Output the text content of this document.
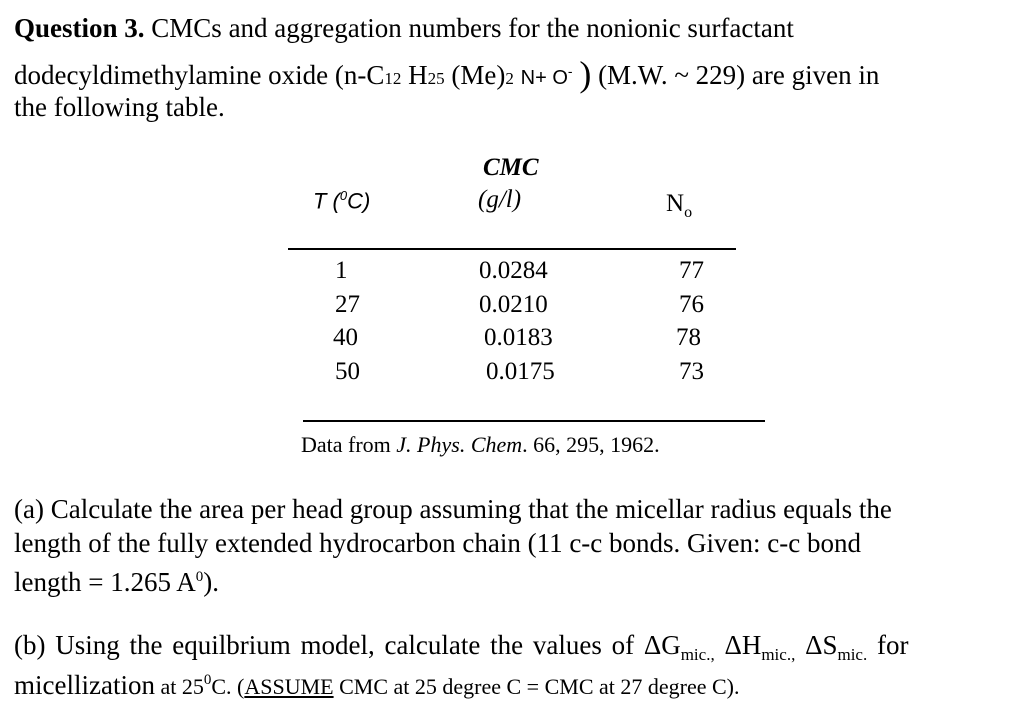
Question 3. CMCs and aggregation numbers for the nonionic surfactant
dodecyldimethylamine oxide (n-C12 H25 (Me)2 N+ O- ) (M.W. ~ 229) are given in
the following table.
CMC
T ($^0$C)	(g/l)	$N_o$
1	0.0284	77
27	0.0210	76
40	0.0183	78
50	0.0175	73
Data from J. Phys. Chem. 66, 295, 1962.
(a) Calculate the area per head group assuming that the micellar radius equals the
length of the fully extended hydrocarbon chain (11 c-c bonds. Given: c-c bond
length = 1.265 $A^0$).
(b) Using the equilbrium model, calculate the values of $\Delta G_{mic.,}$ $\Delta H_{mic.,}$ $\Delta S_{mic.}$ for
micellization at $25^0C$. (ASSUME CMC at 25 degree C = CMC at 27 degree C).
